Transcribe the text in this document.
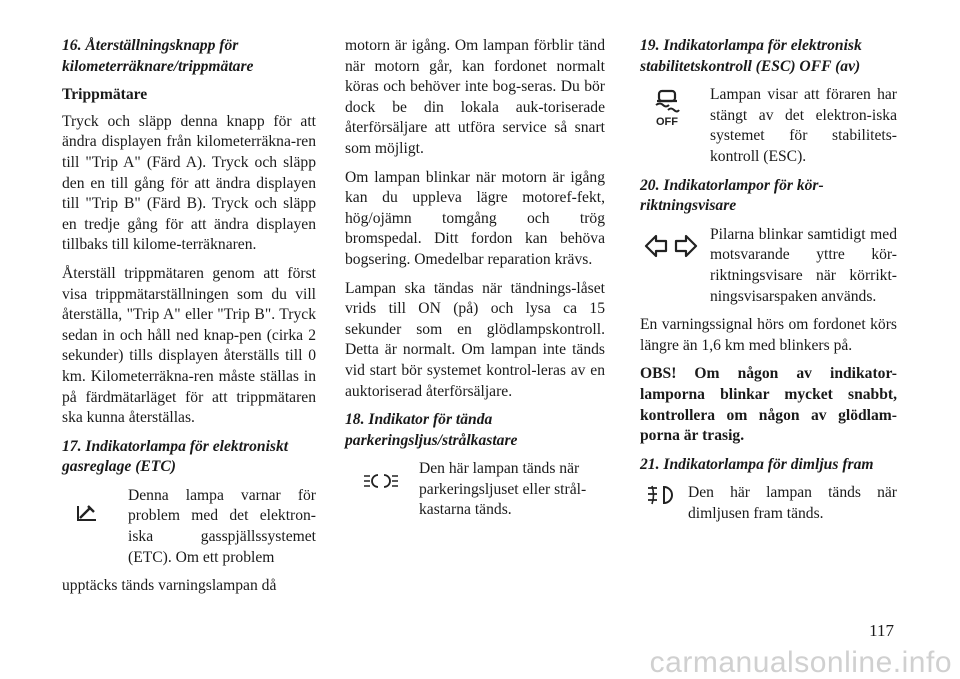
16. Återställningsknapp för kilometerräknare/trippmätare

Trippmätare

Tryck och släpp denna knapp för att ändra displayen från kilometerräkna-ren till "Trip A" (Färd A). Tryck och släpp den en till gång för att ändra displayen till "Trip B" (Färd B). Tryck och släpp en tredje gång för att ändra displayen tillbaks till kilome-terräknaren.

Återställ trippmätaren genom att först visa trippmätarställningen som du vill återställa, "Trip A" eller "Trip B". Tryck sedan in och håll ned knap-pen (cirka 2 sekunder) tills displayen återställs till 0 km. Kilometerräkna-ren måste ställas in på färdmätarläget för att trippmätaren ska kunna återställas.

17. Indikatorlampa för elektroniskt gasreglage (ETC)

Denna lampa varnar för problem med det elektron-iska gasspjällssystemet (ETC). Om ett problem

upptäcks tänds varningslampan då

motorn är igång. Om lampan förblir tänd när motorn går, kan fordonet normalt köras och behöver inte bog-seras. Du bör dock be din lokala auk-toriserade återförsäljare att utföra service så snart som möjligt.

Om lampan blinkar när motorn är igång kan du uppleva lägre motoref-fekt, hög/ojämn tomgång och trög bromspedal. Ditt fordon kan behöva bogsering. Omedelbar reparation krävs.

Lampan ska tändas när tändnings-låset vrids till ON (på) och lysa ca 15 sekunder som en glödlampskontroll. Detta är normalt. Om lampan inte tänds vid start bör systemet kontrol-leras av en auktoriserad återförsäljare.

18. Indikator för tända parkeringsljus/strålkastare

Den här lampan tänds när parkeringsljuset eller strål-kastarna tänds.

19. Indikatorlampa för elektronisk stabilitetskontroll (ESC) OFF (av)

OFF

Lampan visar att föraren har stängt av det elektron-iska systemet för stabilitets-kontroll (ESC).

20. Indikatorlampor för kör-riktningsvisare

Pilarna blinkar samtidigt med motsvarande yttre kör-riktningsvisare när körrikt-ningsvisarspaken används.

En varningssignal hörs om fordonet körs längre än 1,6 km med blinkers på.

OBS! Om någon av indikator-lamporna blinkar mycket snabbt, kontrollera om någon av glödlam-porna är trasig.

21. Indikatorlampa för dimljus fram

Den här lampan tänds när dimljusen fram tänds.

117
carmanualsonline.info
